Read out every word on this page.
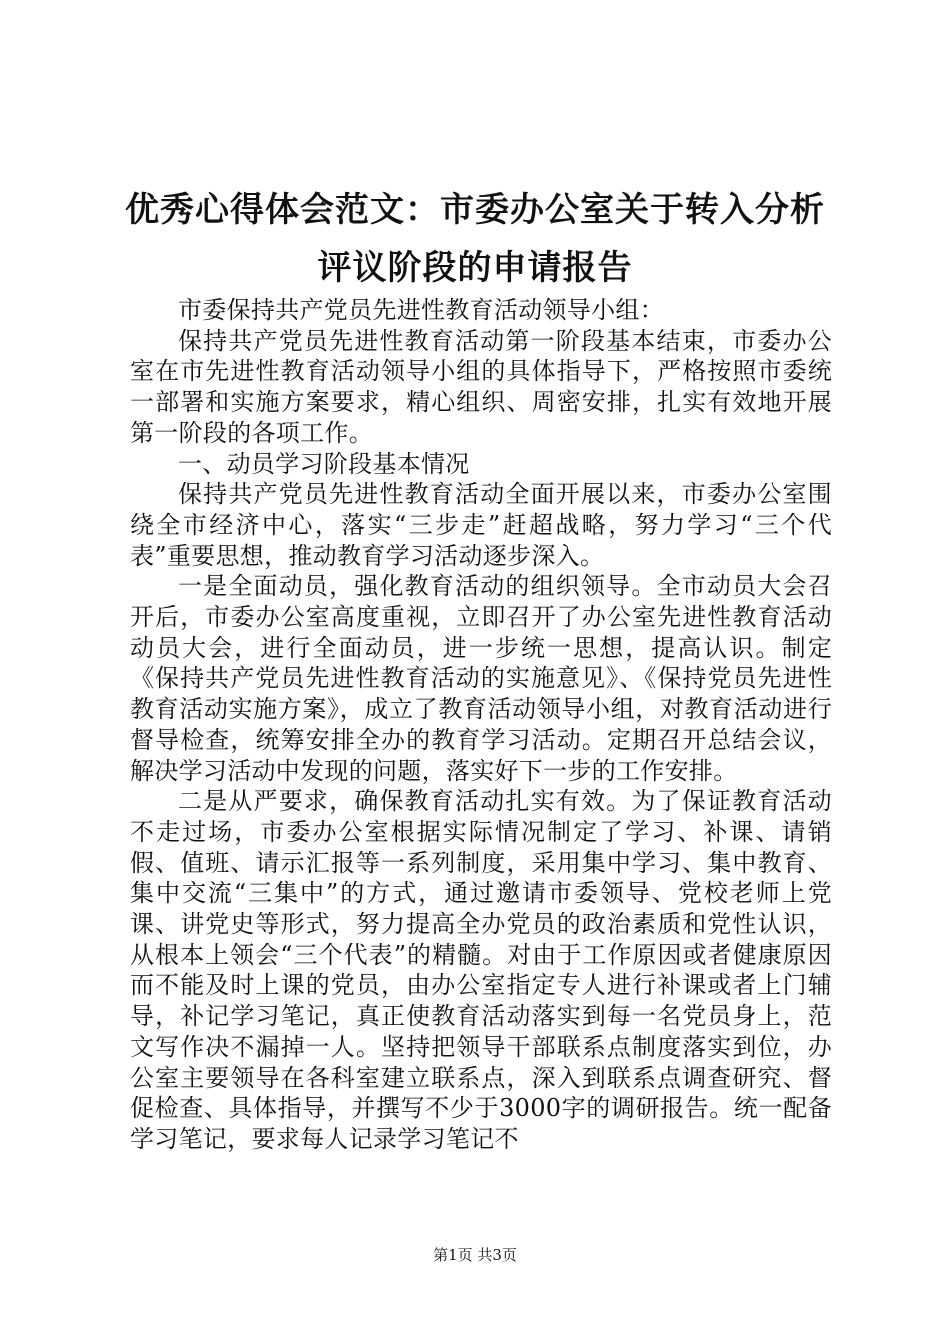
优秀心得体会范文：市委办公室关于转入分析
评议阶段的申请报告

市委保持共产党员先进性教育活动领导小组：

保持共产党员先进性教育活动第一阶段基本结束，市委办公室在市先进性教育活动领导小组的具体指导下，严格按照市委统一部署和实施方案要求，精心组织、周密安排，扎实有效地开展第一阶段的各项工作。

一、动员学习阶段基本情况

保持共产党员先进性教育活动全面开展以来，市委办公室围绕全市经济中心，落实“三步走”赶超战略，努力学习“三个代表”重要思想，推动教育学习活动逐步深入。

一是全面动员，强化教育活动的组织领导。全市动员大会召开后，市委办公室高度重视，立即召开了办公室先进性教育活动动员大会，进行全面动员，进一步统一思想，提高认识。制定《保持共产党员先进性教育活动的实施意见》、《保持党员先进性教育活动实施方案》，成立了教育活动领导小组，对教育活动进行督导检查，统筹安排全办的教育学习活动。定期召开总结会议，解决学习活动中发现的问题，落实好下一步的工作安排。

二是从严要求，确保教育活动扎实有效。为了保证教育活动不走过场，市委办公室根据实际情况制定了学习、补课、请销假、值班、请示汇报等一系列制度，采用集中学习、集中教育、集中交流“三集中”的方式，通过邀请市委领导、党校老师上党课、讲党史等形式，努力提高全办党员的政治素质和党性认识，从根本上领会“三个代表”的精髓。对由于工作原因或者健康原因而不能及时上课的党员，由办公室指定专人进行补课或者上门辅导，补记学习笔记，真正使教育活动落实到每一名党员身上，范文写作决不漏掉一人。坚持把领导干部联系点制度落实到位，办公室主要领导在各科室建立联系点，深入到联系点调查研究、督促检查、具体指导，并撰写不少于3000字的调研报告。统一配备学习笔记，要求每人记录学习笔记不

第1页 共3页
